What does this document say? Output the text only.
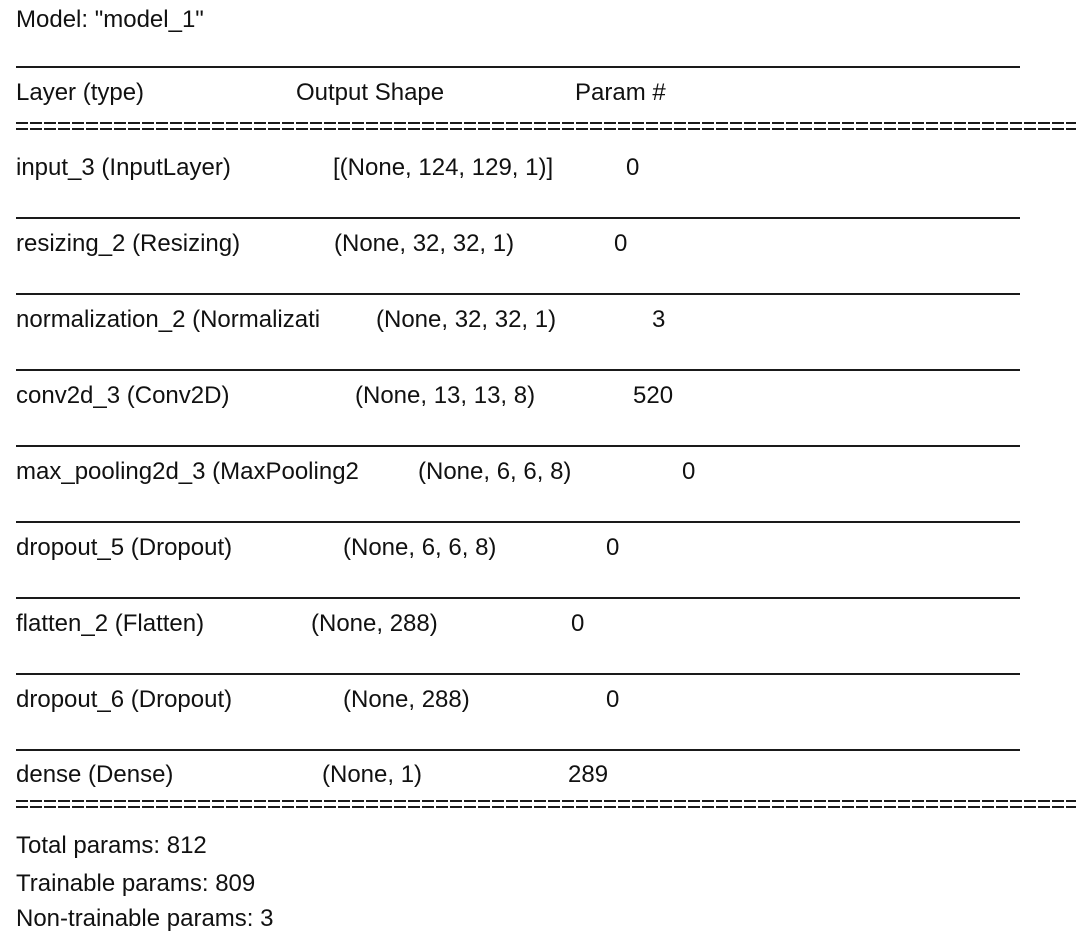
Model: "model_1"
Layer (type)	Output Shape	Param #
input_3 (InputLayer)	[(None, 124, 129, 1)]	0
resizing_2 (Resizing)	(None, 32, 32, 1)	0
normalization_2 (Normalizati (None, 32, 32, 1)	3
conv2d_3 (Conv2D)	(None, 13, 13, 8)	520
max_pooling2d_3 (MaxPooling2 (None, 6, 6, 8)	0
dropout_5 (Dropout)	(None, 6, 6, 8)	0
flatten_2 (Flatten)	(None, 288)	0
dropout_6 (Dropout)	(None, 288)	0
dense (Dense)	(None, 1)	289
Total params: 812
Trainable params: 809
Non-trainable params: 3
